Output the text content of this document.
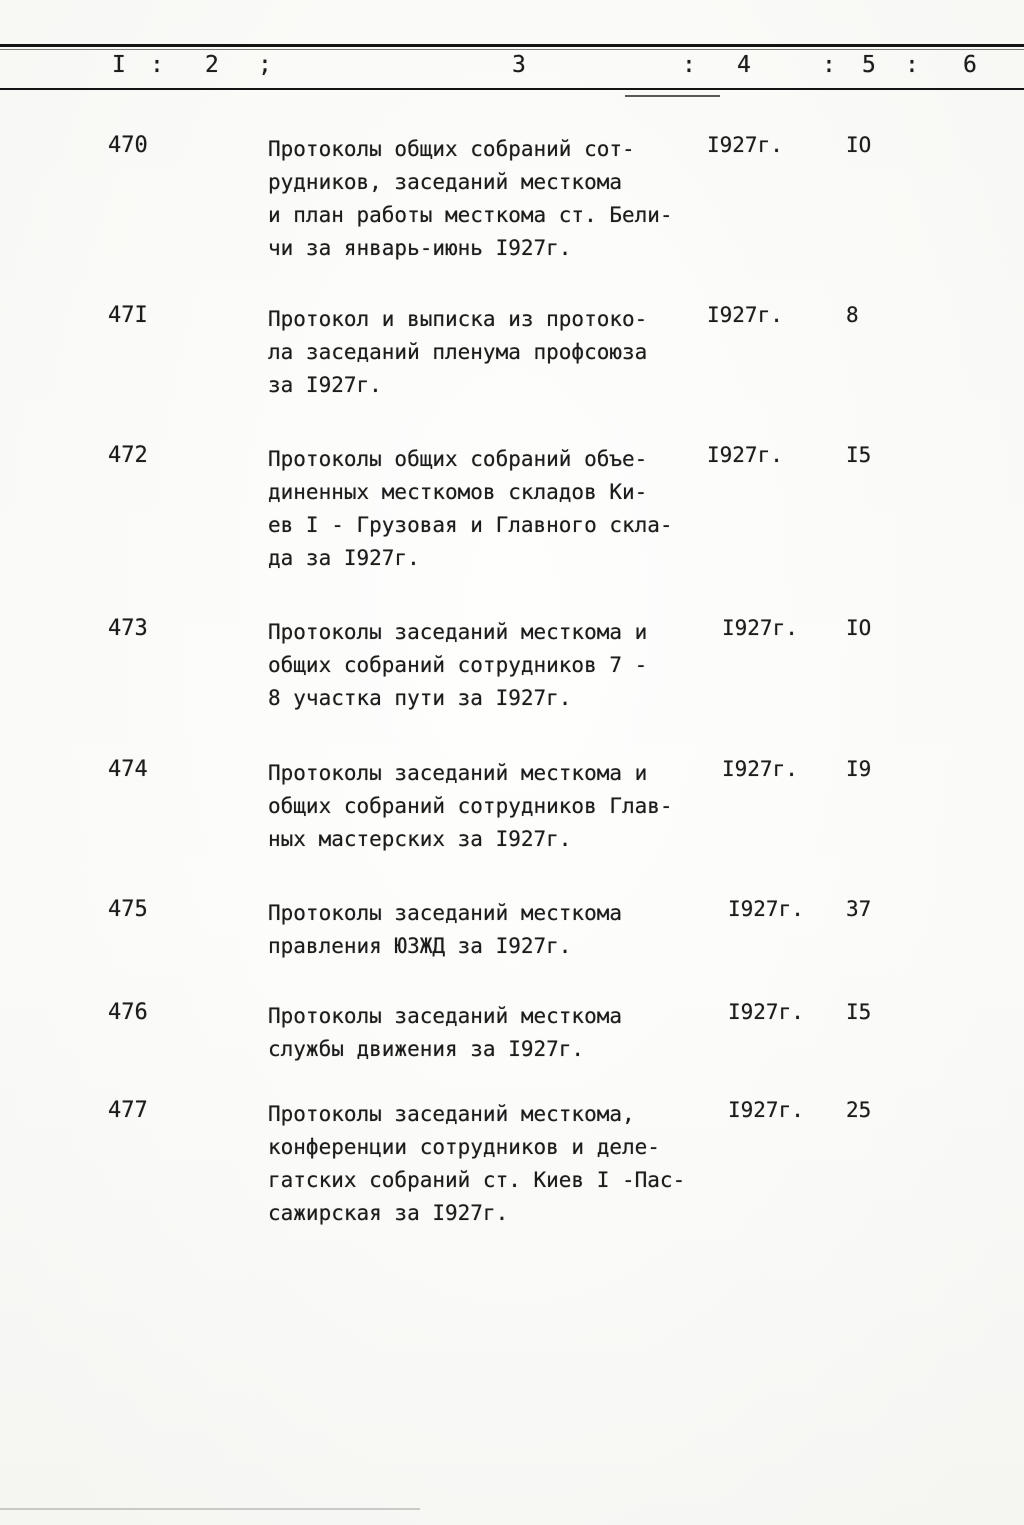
I : 2 ;	3	: 4	: 5 : 6
470	Протоколы общих собраний сот-
рудников, заседаний месткома
и план работы месткома ст. Бели-
чи за январь-июнь I927г.
I927г.	IO
47I	Протокол и выписка из протоко-
ла заседаний пленума профсоюза
за I927г.
I927г.	8
472	Протоколы общих собраний объе-
диненных месткомов складов Ки-
ев I - Грузовая и Главного скла-
да за I927г.
I927г.	I5
473	Протоколы заседаний месткома и
общих собраний сотрудников 7 -
8 участка пути за I927г.
I927г. IO
474	Протоколы заседаний месткома и
общих собраний сотрудников Глав-
ных мастерских за I927г.
I927г. I9
475	Протоколы заседаний месткома
правления ЮЗЖД за I927г.
I927г. 37
476	Протоколы заседаний месткома
службы движения за I927г.
I927г. I5
477	Протоколы заседаний месткома,
конференции сотрудников и деле-
гатских собраний ст. Киев I -Пас-
сажирская за I927г.
I927г. 25
